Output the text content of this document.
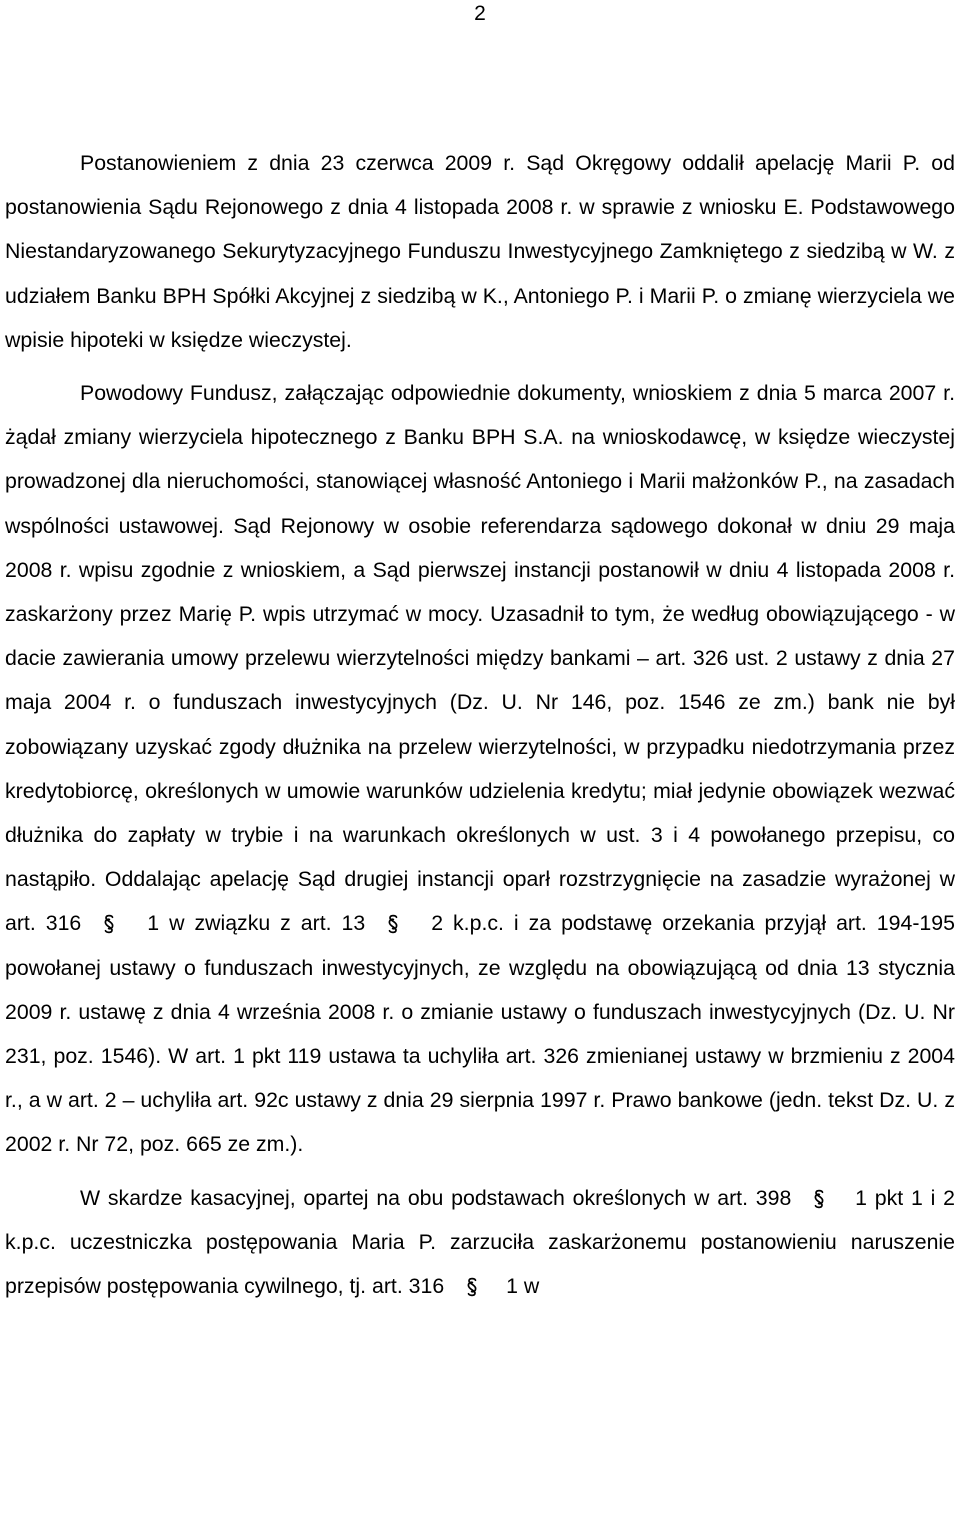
2

Postanowieniem z dnia 23 czerwca 2009 r. Sąd Okręgowy oddalił apelację Marii P. od postanowienia Sądu Rejonowego z dnia 4 listopada 2008 r. w sprawie z wniosku E. Podstawowego Niestandaryzowanego Sekurytyzacyjnego Funduszu Inwestycyjnego Zamkniętego z siedzibą w W. z udziałem Banku BPH Spółki Akcyjnej z siedzibą w K., Antoniego P. i Marii P. o zmianę wierzyciela we wpisie hipoteki w księdze wieczystej.

Powodowy Fundusz, załączając odpowiednie dokumenty, wnioskiem z dnia 5 marca 2007 r. żądał zmiany wierzyciela hipotecznego z Banku BPH S.A. na wnioskodawcę, w księdze wieczystej prowadzonej dla nieruchomości, stanowiącej własność Antoniego i Marii małżonków P., na zasadach wspólności ustawowej. Sąd Rejonowy w osobie referendarza sądowego dokonał w dniu 29 maja 2008 r. wpisu zgodnie z wnioskiem, a Sąd pierwszej instancji postanowił w dniu 4 listopada 2008 r. zaskarżony przez Marię P. wpis utrzymać w mocy. Uzasadnił to tym, że według obowiązującego - w dacie zawierania umowy przelewu wierzytelności między bankami – art. 326 ust. 2 ustawy z dnia 27 maja 2004 r. o funduszach inwestycyjnych (Dz. U. Nr 146, poz. 1546 ze zm.) bank nie był zobowiązany uzyskać zgody dłużnika na przelew wierzytelności, w przypadku niedotrzymania przez kredytobiorcę, określonych w umowie warunków udzielenia kredytu; miał jedynie obowiązek wezwać dłużnika do zapłaty w trybie i na warunkach określonych w ust. 3 i 4 powołanego przepisu, co nastąpiło. Oddalając apelację Sąd drugiej instancji oparł rozstrzygnięcie na zasadzie wyrażonej w art. 316	1 w związku z art. 13	2 k.p.c. i za podstawę orzekania przyjął art. 194-195 powołanej ustawy o funduszach inwestycyjnych, ze względu na obowiązującą od dnia 13 stycznia 2009 r. ustawę z dnia 4 września 2008 r. o zmianie ustawy o funduszach inwestycyjnych (Dz. U. Nr 231, poz. 1546). W art. 1 pkt 119 ustawa ta uchyliła art. 326 zmienianej ustawy w brzmieniu z 2004 r., a w art. 2 – uchyliła art. 92c ustawy z dnia 29 sierpnia 1997 r. Prawo bankowe (jedn. tekst Dz. U. z 2002 r. Nr 72, poz. 665 ze zm.).

W skardze kasacyjnej, opartej na obu podstawach określonych w art. 398	1 pkt 1 i 2 k.p.c. uczestniczka postępowania Maria P. zarzuciła zaskarżonemu postanowieniu naruszenie przepisów postępowania cywilnego, tj. art. 316	1 w
